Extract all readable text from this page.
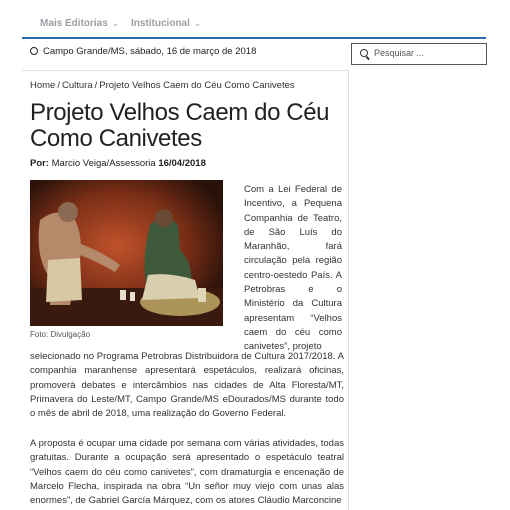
Mais Editorias ⌄ Institucional ⌄
Campo Grande/MS, sábado, 16 de março de 2018
Pesquisar ...
Home / Cultura / Projeto Velhos Caem do Céu Como Canivetes
Projeto Velhos Caem do Céu Como Canivetes
Por: Marcio Veiga/Assessoria 16/04/2018
Foto: Divulgação
Com a Lei Federal de Incentivo, a Pequena Companhia de Teatro, de São Luís do Maranhão, fará circulação pela região centro-oestedo País. A Petrobras e o Ministério da Cultura apresentam “Velhos caem do céu como canivetes”, projeto
selecionado no Programa Petrobras Distribuidora de Cultura 2017/2018. A companhia maranhense apresentará espetáculos, realizará oficinas, promoverá debates e intercâmbios nas cidades de Alta Floresta/MT, Primavera do Leste/MT, Campo Grande/MS eDourados/MS durante todo o mês de abril de 2018, uma realização do Governo Federal.
A proposta é ocupar uma cidade por semana com várias atividades, todas gratuitas. Durante a ocupação será apresentado o espetáculo teatral “Velhos caem do céu como canivetes”, com dramaturgia e encenação de Marcelo Flecha, inspirada na obra “Un señor muy viejo com unas alas enormes”, de Gabriel García Márquez, com os atores Cláudio Marconcine
